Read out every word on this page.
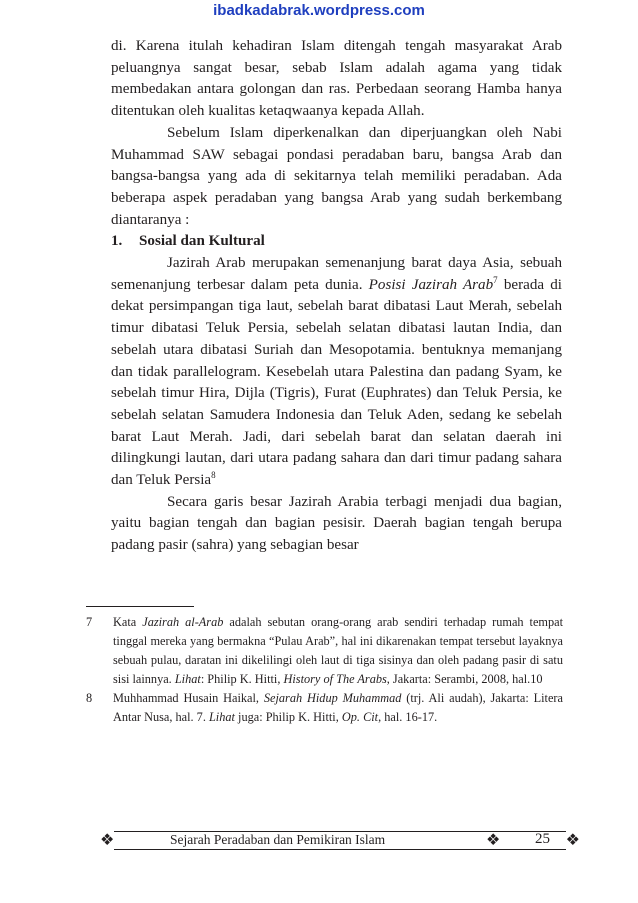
ibadkadabrak.wordpress.com

di. Karena itulah kehadiran Islam ditengah tengah masyarakat Arab peluangnya sangat besar, sebab Islam adalah agama yang tidak membedakan antara golongan dan ras. Perbedaan seorang Hamba hanya ditentukan oleh kualitas ketaqwaanya kepada Allah.

Sebelum Islam diperkenalkan dan diperjuangkan oleh Nabi Muhammad SAW sebagai pondasi peradaban baru, bangsa Arab dan bangsa-bangsa yang ada di sekitarnya telah memiliki peradaban. Ada beberapa aspek peradaban yang bangsa Arab yang sudah berkembang diantaranya :

1. Sosial dan Kultural

Jazirah Arab merupakan semenanjung barat daya Asia, sebuah semenanjung terbesar dalam peta dunia. Posisi Jazirah Arab$^7$ berada di dekat persimpangan tiga laut, sebelah barat dibatasi Laut Merah, sebelah timur dibatasi Teluk Persia, sebelah selatan dibatasi lautan India, dan sebelah utara dibatasi Suriah dan Mesopotamia. bentuknya memanjang dan tidak parallelogram. Kesebelah utara Palestina dan padang Syam, ke sebelah timur Hira, Dijla (Tigris), Furat (Euphrates) dan Teluk Persia, ke sebelah selatan Samudera Indonesia dan Teluk Aden, sedang ke sebelah barat Laut Merah. Jadi, dari sebelah barat dan selatan daerah ini dilingkungi lautan, dari utara padang sahara dan dari timur padang sahara dan Teluk Persia$^8$

Secara garis besar Jazirah Arabia terbagi menjadi dua bagian, yaitu bagian tengah dan bagian pesisir. Daerah bagian tengah berupa padang pasir (sahra) yang sebagian besar

7 Kata Jazirah al-Arab adalah sebutan orang-orang arab sendiri terhadap rumah tempat tinggal mereka yang bermakna “Pulau Arab”, hal ini dikarenakan tempat tersebut layaknya sebuah pulau, daratan ini dikelilingi oleh laut di tiga sisinya dan oleh padang pasir di satu sisi lainnya. Lihat: Philip K. Hitti, History of The Arabs, Jakarta: Serambi, 2008, hal.10
8 Muhhammad Husain Haikal, Sejarah Hidup Muhammad (trj. Ali audah), Jakarta: Litera Antar Nusa, hal. 7. Lihat juga: Philip K. Hitti, Op. Cit, hal. 16-17.
❖	Sejarah Peradaban dan Pemikiran Islam	❖ 25 ❖
